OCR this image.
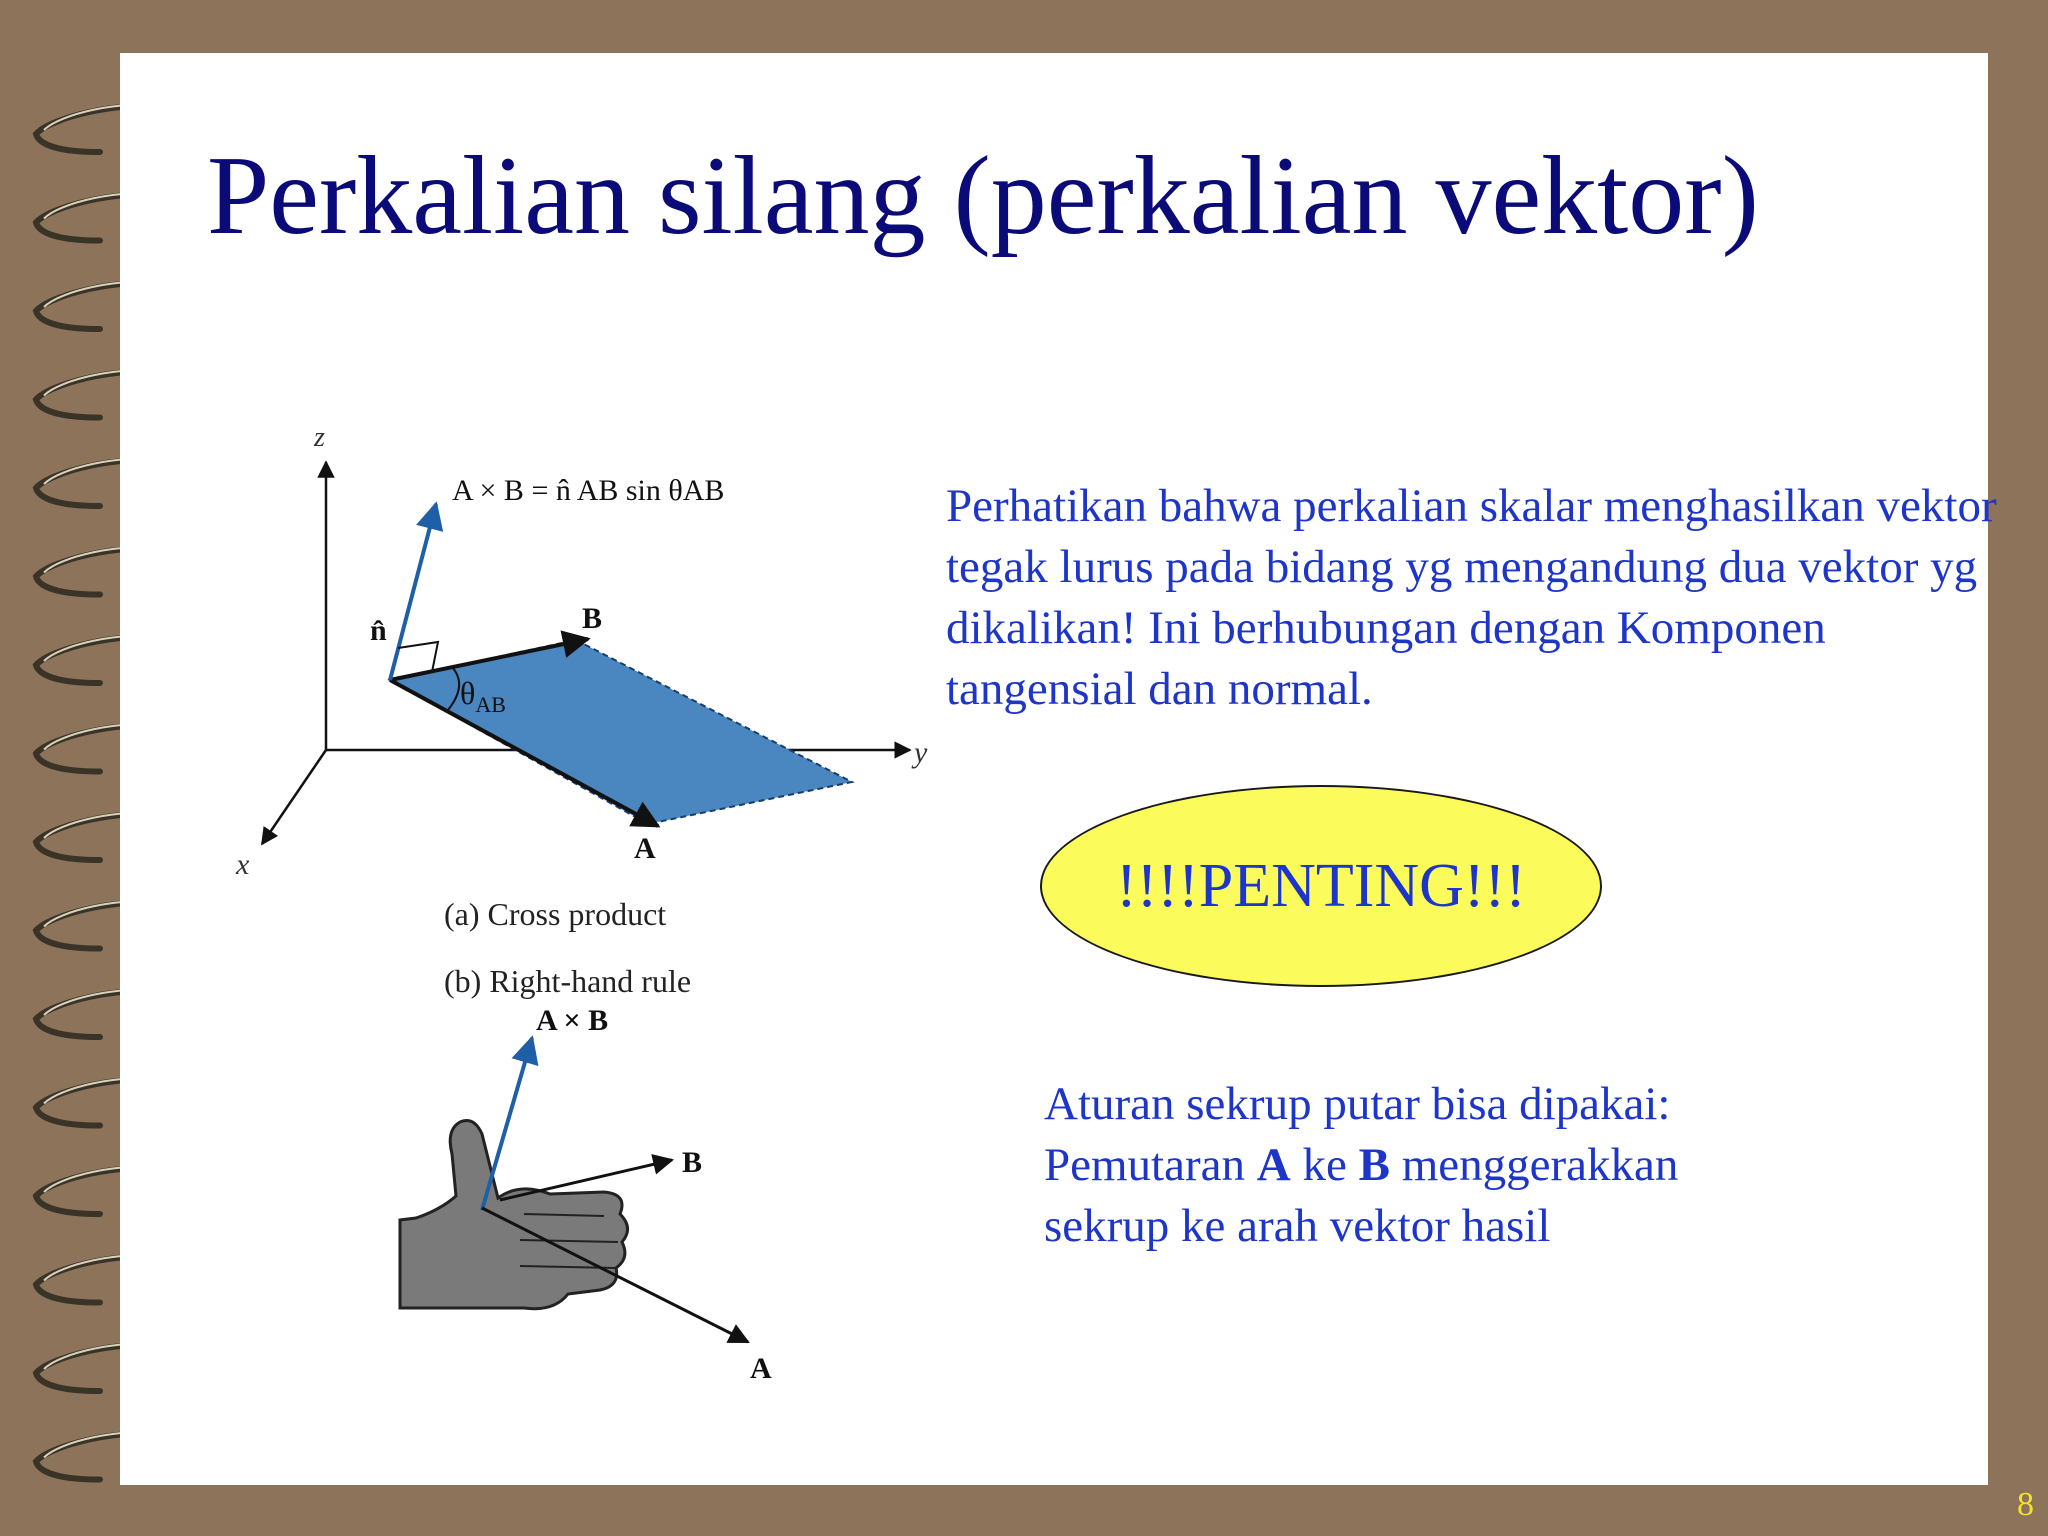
Perkalian silang (perkalian vektor)
z
y
x
B
A
$\theta_{AB}$
n̂
A × B = n̂ AB sin θAB
(a) Cross product
(b) Right-hand rule
A × B
B
A

Perhatikan bahwa perkalian skalar menghasilkan vektor tegak lurus pada bidang yg mengandung dua vektor yg dikalikan! Ini berhubungan dengan Komponen tangensial dan normal.

!!!!PENTING!!!

Aturan sekrup putar bisa dipakai:
Pemutaran A ke B menggerakkan
sekrup ke arah vektor hasil

8
